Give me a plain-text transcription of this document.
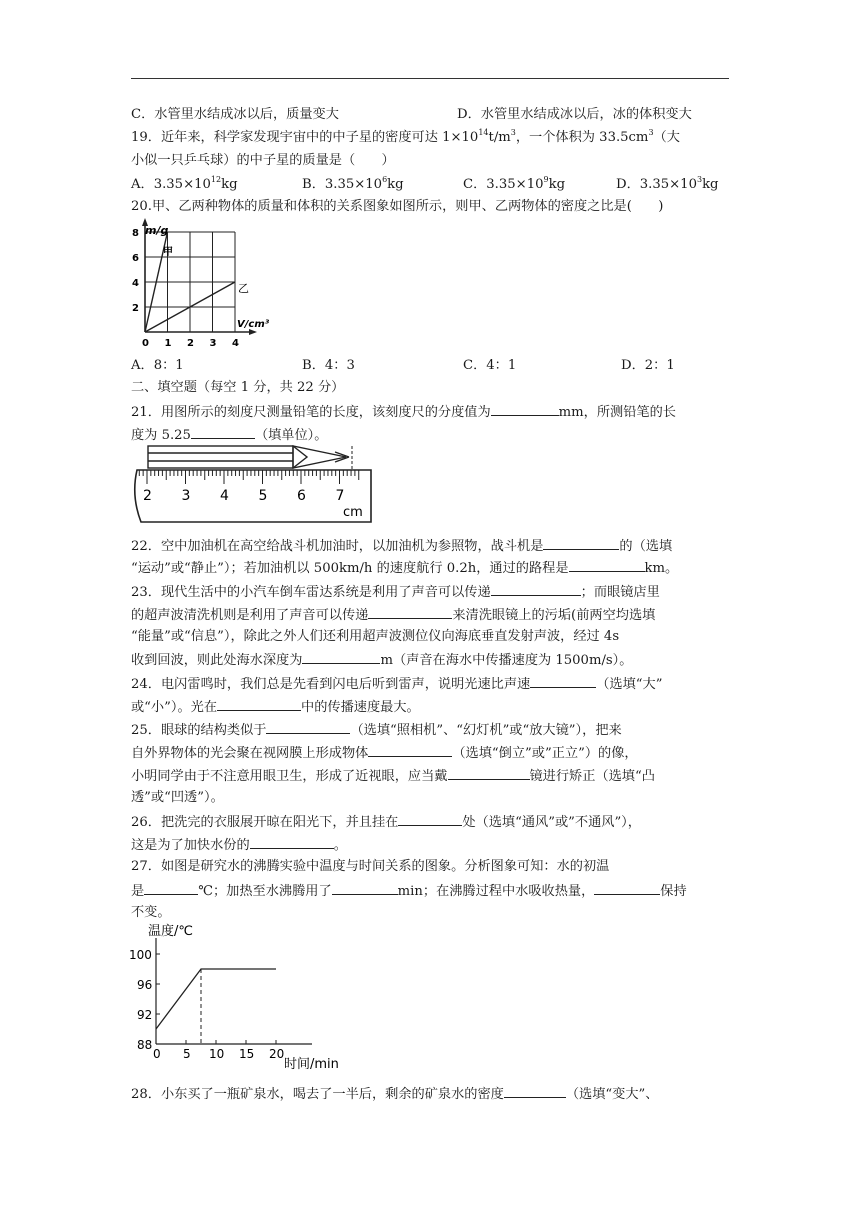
C．水管里水结成冰以后，质量变大	D．水管里水结成冰以后，冰的体积变大
19．近年来，科学家发现宇宙中的中子星的密度可达 $1\times 10^{14}t/m^3$，一个体积为 $33.5cm^3$（大
小似一只乒乓球）的中子星的质量是（　　）
A．$3.35\times 10^{12}kg$	B．$3.35\times 10^6kg$	C．$3.35\times 10^9kg$	D．$3.35\times 10^3kg$
20.甲、乙两种物体的质量和体积的关系图象如图所示，则甲、乙两物体的密度之比是(　　)
0 1 2 3 4
2
4
6
8 m/g
V/cm³
甲
乙
A．8：1	B．4：3	C．4：1	D．2：1
二、填空题（每空 1 分，共 22 分）
21．用图所示的刻度尺测量铅笔的长度，该刻度尺的分度值为	mm，所测铅笔的长
度为 5.25	（填单位）。
2 3 4 5 6 7
cm
22．空中加油机在高空给战斗机加油时，以加油机为参照物，战斗机是	的（选填
“运动”或“静止”）；若加油机以 500km/h 的速度航行 0.2h，通过的路程是	km。
23．现代生活中的小汽车倒车雷达系统是利用了声音可以传递	；而眼镜店里
的超声波清洗机则是利用了声音可以传递	来清洗眼镜上的污垢(前两空均选填
“能量”或“信息”），除此之外人们还利用超声波测位仪向海底垂直发射声波，经过 4s
收到回波，则此处海水深度为	m（声音在海水中传播速度为 1500m/s）。
24．电闪雷鸣时，我们总是先看到闪电后听到雷声，说明光速比声速	（选填“大”
或“小”）。光在	中的传播速度最大。
25．眼球的结构类似于	（选填“照相机”、“幻灯机”或“放大镜”），把来
自外界物体的光会聚在视网膜上形成物体	（选填“倒立”或”正立”）的像，
小明同学由于不注意用眼卫生，形成了近视眼，应当戴	镜进行矫正（选填“凸
透”或“凹透”）。
26．把洗完的衣服展开晾在阳光下，并且挂在	处（选填“通风”或”不通风”），
这是为了加快水份的	。
27．如图是研究水的沸腾实验中温度与时间关系的图象。分析图象可知：水的初温
是	℃；加热至水沸腾用了	min；在沸腾过程中水吸收热量，	保持
不变。
0 5 10 15 20
88
92
96
100
温度/℃
时间/min
28．小东买了一瓶矿泉水，喝去了一半后，剩余的矿泉水的密度	（选填“变大”、
